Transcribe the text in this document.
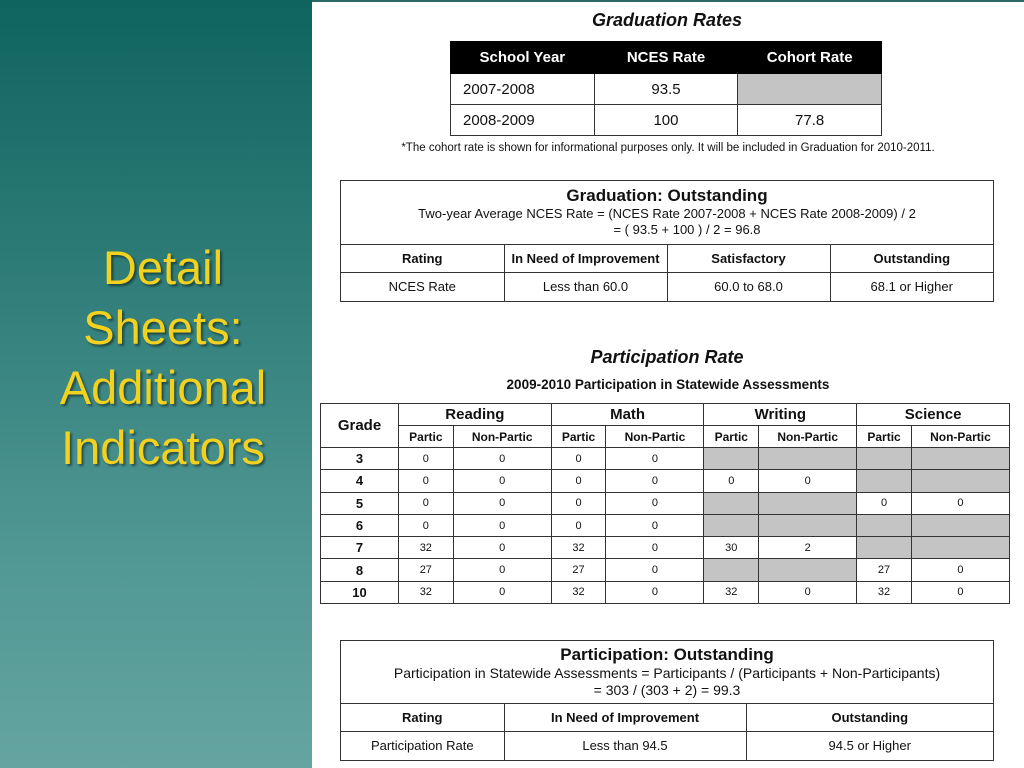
Detail
Sheets:
Additional
Indicators
Graduation Rates
School Year	NCES Rate	Cohort Rate
2007-2008	93.5	
2008-2009	100	77.8
*The cohort rate is shown for informational purposes only. It will be included in Graduation for 2010-2011.
Graduation: Outstanding
Two-year Average NCES Rate = (NCES Rate 2007-2008 + NCES Rate 2008-2009) / 2
= ( 93.5 + 100 ) / 2 = 96.8
Rating	In Need of Improvement	Satisfactory	Outstanding
NCES Rate	Less than 60.0	60.0 to 68.0	68.1 or Higher
Participation Rate
2009-2010 Participation in Statewide Assessments
Grade	Reading		Math		Writing		Science	
	Partic	Non-Partic	Partic	Non-Partic	Partic	Non-Partic	Partic	Non-Partic
3	0	0	0	0				
4	0	0	0	0	0	0		
5	0	0	0	0			0	0
6	0	0	0	0				
7	32	0	32	0	30	2		
8	27	0	27	0			27	0
10	32	0	32	0	32	0	32	0
Participation: Outstanding
Participation in Statewide Assessments = Participants / (Participants + Non-Participants)
= 303 / (303 + 2) = 99.3
Rating	In Need of Improvement	Outstanding
Participation Rate	Less than 94.5	94.5 or Higher
